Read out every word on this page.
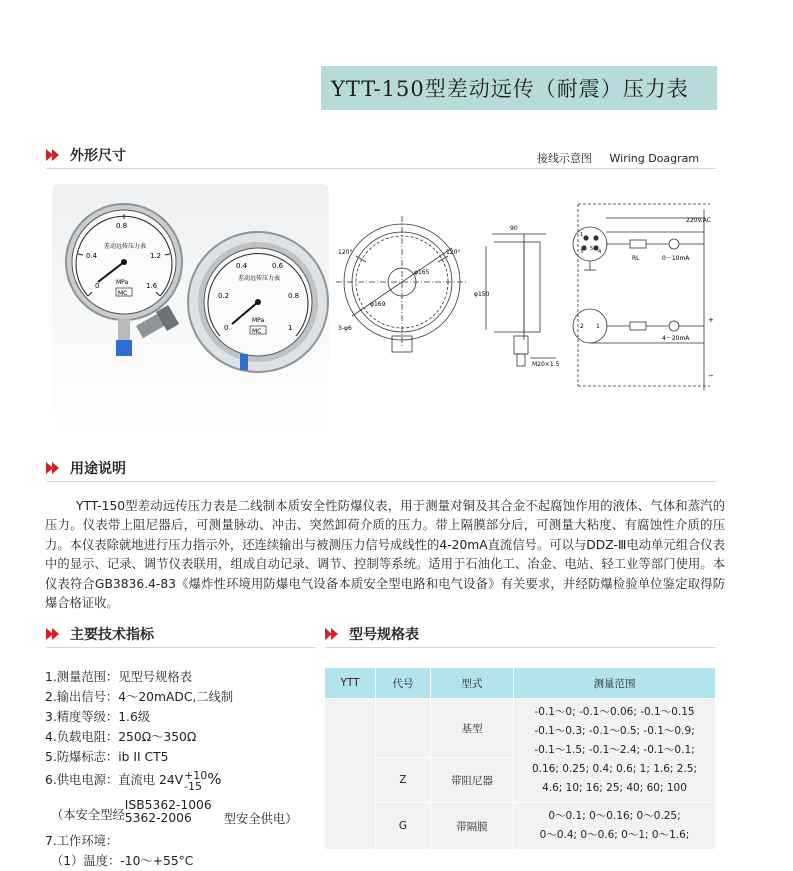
YTT-150型差动远传（耐震）压力表
外形尺寸	接线示意图 Wiring Doagram
0
0.4
0.8
1.2
1.6
差动远传压力表
MPa
MC
0
0.2
0.4	0.6
0.8
1
差动远传压力表
MPa
MC
120°	120°
φ165
φ169
φ150
3-φ6
90
M20×1.5
1
3	4
5
2 1
220V.AC
RL	0～10mA
4～20mA
+
−
用途说明

YTT-150型差动远传压力表是二线制本质安全性防爆仪表，用于测量对铜及其合金不起腐蚀作用的液体、气体和蒸汽的压力。仪表带上阻尼器后，可测量脉动、冲击、突然卸荷介质的压力。带上隔膜部分后，可测量大粘度、有腐蚀性介质的压力。本仪表除就地进行压力指示外，还连续输出与被测压力信号成线性的4-20mA直流信号。可以与DDZ-Ⅲ电动单元组合仪表中的显示、记录、调节仪表联用，组成自动记录、调节、控制等系统。适用于石油化工、冶金、电站、轻工业等部门使用。本仪表符合GB3836.4-83《爆炸性环境用防爆电气设备本质安全型电路和电气设备》有关要求，并经防爆检验单位鉴定取得防爆合格证收。

主要技术指标	型号规格表
1.测量范围：见型号规格表
2.输出信号：4～20mADC,二线制
3.精度等级：1.6级
4.负载电阻：250Ω～350Ω
5.防爆标志：ib II CT5
6.供电电源：直流电 24V +10
-15 %
（本安全型经
ISB5362-1006
5362-2006	型安全供电）
7.工作环境：
（1）温度：-10～+55°C
YTT	代号	型式	测量范围
		基型	-0.1～0; -0.1～0.06; -0.1～0.15
-0.1～0.3; -0.1～0.5; -0.1～0.9;
-0.1～1.5; -0.1～2.4; -0.1～0.1;
0.16; 0.25; 0.4; 0.6; 1; 1.6; 2.5;
4.6; 10; 16; 25; 40; 60; 100

	Z	带阻尼器	
	G	带隔膜	0～0.1; 0～0.16; 0～0.25;
0～0.4; 0～0.6; 0～1; 0～1.6;
